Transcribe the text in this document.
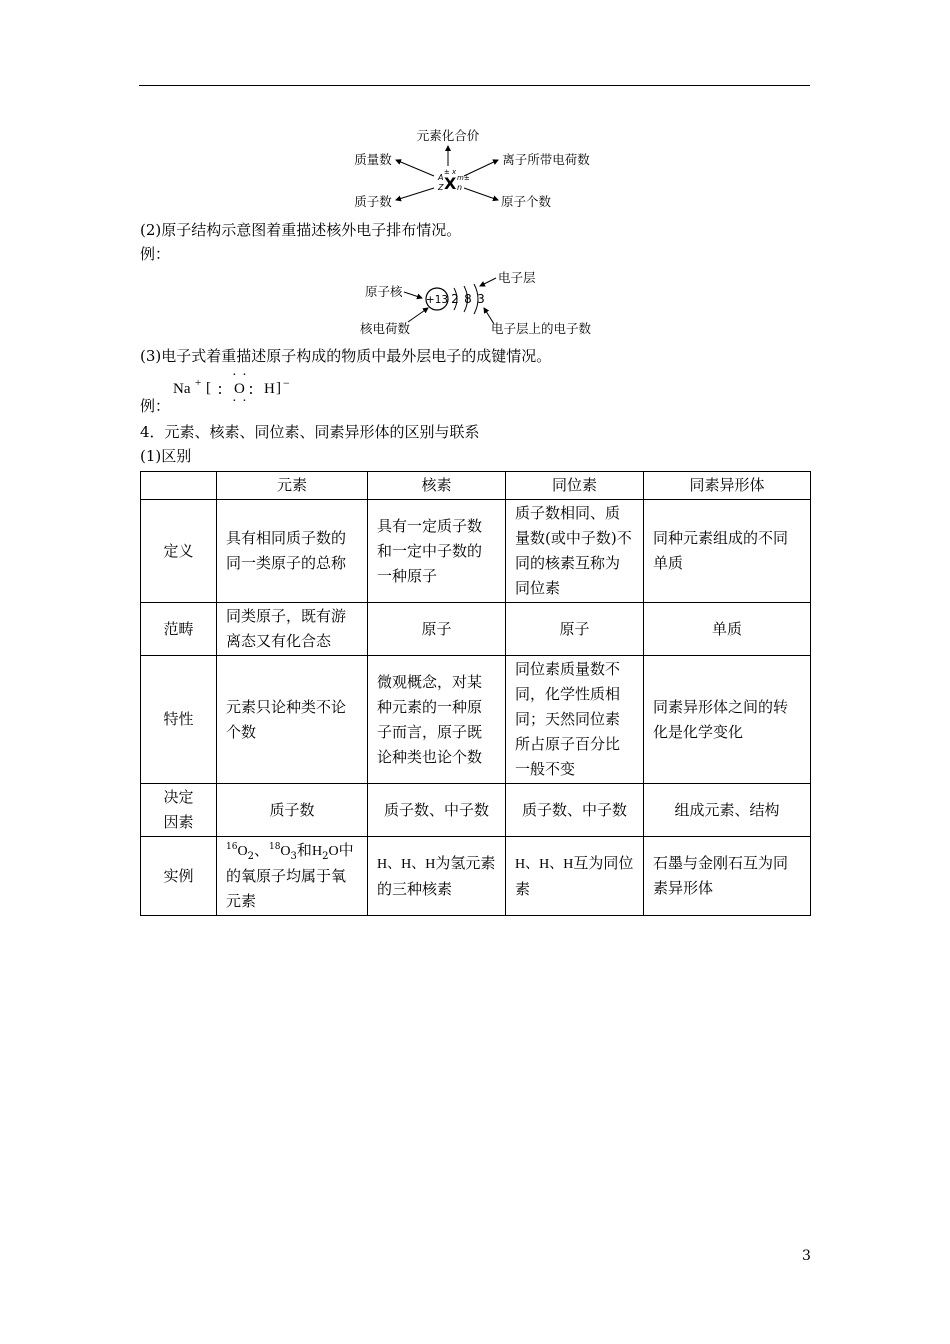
元素化合价
质量数	离子所带电荷数
质子数	原子个数
± x
A X m±
Z n
(2)原子结构示意图着重描述核外电子排布情况。
例：
原子核
+13 2 8 3
电子层
核电荷数	电子层上的电子数
(3)电子式着重描述原子构成的物质中最外层电子的成键情况。
例：
· ·
· ·
Na + [ ∶ O ∶ H ] −
4．元素、核素、同位素、同素异形体的区别与联系
(1)区别
	元素	核素	同位素	同素异形体
定义	具有相同质子数的同一类原子的总称	具有一定质子数和一定中子数的一种原子	质子数相同、质量数(或中子数)不同的核素互称为同位素	同种元素组成的不同单质
范畴	同类原子，既有游离态又有化合态	原子	原子	单质
特性	元素只论种类不论个数	微观概念，对某种元素的一种原子而言，原子既论种类也论个数	同位素质量数不同，化学性质相同；天然同位素所占原子百分比一般不变	同素异形体之间的转化是化学变化
决定因素	质子数	质子数、中子数	质子数、中子数	组成元素、结构
实例	$^{16}O_2$、$^{18}O_3$和$H_2O$中的氧原子均属于氧元素	H、H、H为氢元素的三种核素	H、H、H互为同位素	石墨与金刚石互为同素异形体
3
